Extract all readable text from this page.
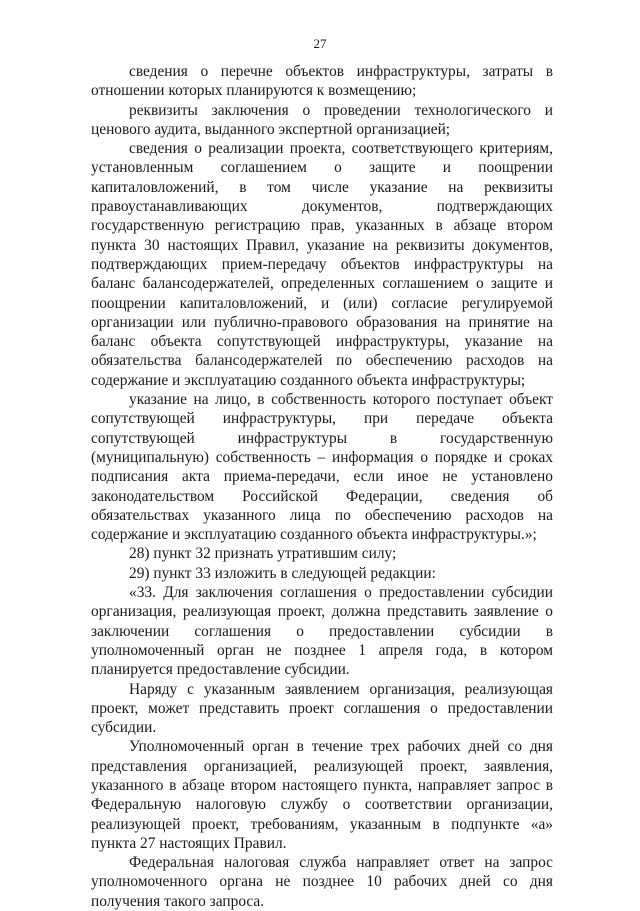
27

сведения о перечне объектов инфраструктуры, затраты в отношении которых планируются к возмещению;

реквизиты заключения о проведении технологического и ценового аудита, выданного экспертной организацией;

сведения о реализации проекта, соответствующего критериям, установленным соглашением о защите и поощрении капиталовложений, в том числе указание на реквизиты правоустанавливающих документов, подтверждающих государственную регистрацию прав, указанных в абзаце втором пункта 30 настоящих Правил, указание на реквизиты документов, подтверждающих прием-передачу объектов инфраструктуры на баланс балансодержателей, определенных соглашением о защите и поощрении капиталовложений, и (или) согласие регулируемой организации или публично-правового образования на принятие на баланс объекта сопутствующей инфраструктуры, указание на обязательства балансодержателей по обеспечению расходов на содержание и эксплуатацию созданного объекта инфраструктуры;

указание на лицо, в собственность которого поступает объект сопутствующей инфраструктуры, при передаче объекта сопутствующей инфраструктуры в государственную (муниципальную) собственность – информация о порядке и сроках подписания акта приема-передачи, если иное не установлено законодательством Российской Федерации, сведения об обязательствах указанного лица по обеспечению расходов на содержание и эксплуатацию созданного объекта инфраструктуры.»;

28) пункт 32 признать утратившим силу;

29) пункт 33 изложить в следующей редакции:

«33. Для заключения соглашения о предоставлении субсидии организация, реализующая проект, должна представить заявление о заключении соглашения о предоставлении субсидии в уполномоченный орган не позднее 1 апреля года, в котором планируется предоставление субсидии.

Наряду с указанным заявлением организация, реализующая проект, может представить проект соглашения о предоставлении субсидии.

Уполномоченный орган в течение трех рабочих дней со дня представления организацией, реализующей проект, заявления, указанного в абзаце втором настоящего пункта, направляет запрос в Федеральную налоговую службу о соответствии организации, реализующей проект, требованиям, указанным в подпункте «а» пункта 27 настоящих Правил.

Федеральная налоговая служба направляет ответ на запрос уполномоченного органа не позднее 10 рабочих дней со дня получения такого запроса.
